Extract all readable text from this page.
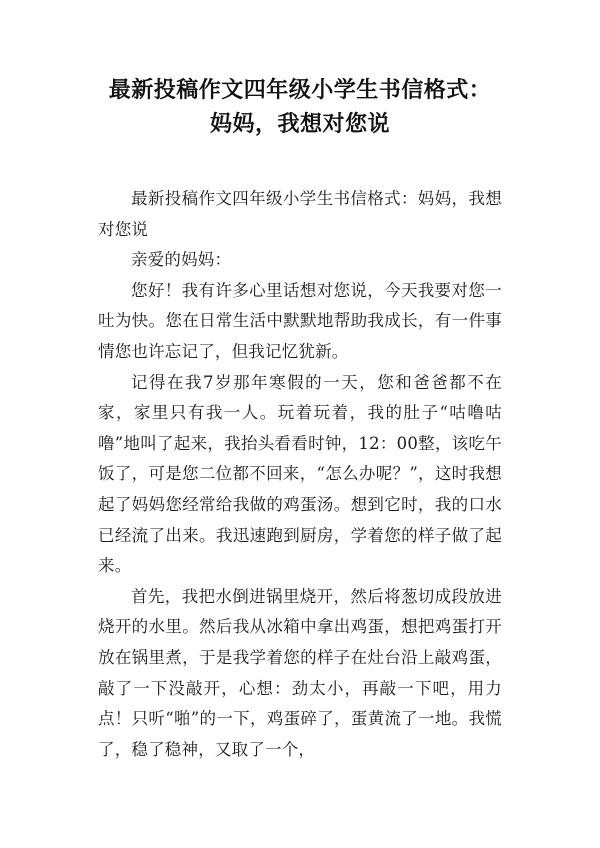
最新投稿作文四年级小学生书信格式：
妈妈，我想对您说

最新投稿作文四年级小学生书信格式：妈妈，我想对您说

亲爱的妈妈：

您好！我有许多心里话想对您说，今天我要对您一吐为快。您在日常生活中默默地帮助我成长，有一件事情您也许忘记了，但我记忆犹新。

记得在我7岁那年寒假的一天，您和爸爸都不在家，家里只有我一人。玩着玩着，我的肚子“咕噜咕噜”地叫了起来，我抬头看看时钟，12：00整，该吃午饭了，可是您二位都不回来，“怎么办呢？”，这时我想起了妈妈您经常给我做的鸡蛋汤。想到它时，我的口水已经流了出来。我迅速跑到厨房，学着您的样子做了起来。

首先，我把水倒进锅里烧开，然后将葱切成段放进烧开的水里。然后我从冰箱中拿出鸡蛋，想把鸡蛋打开放在锅里煮，于是我学着您的样子在灶台沿上敲鸡蛋，敲了一下没敲开，心想：劲太小，再敲一下吧，用力点！只听“啪”的一下，鸡蛋碎了，蛋黄流了一地。我慌了，稳了稳神，又取了一个，
